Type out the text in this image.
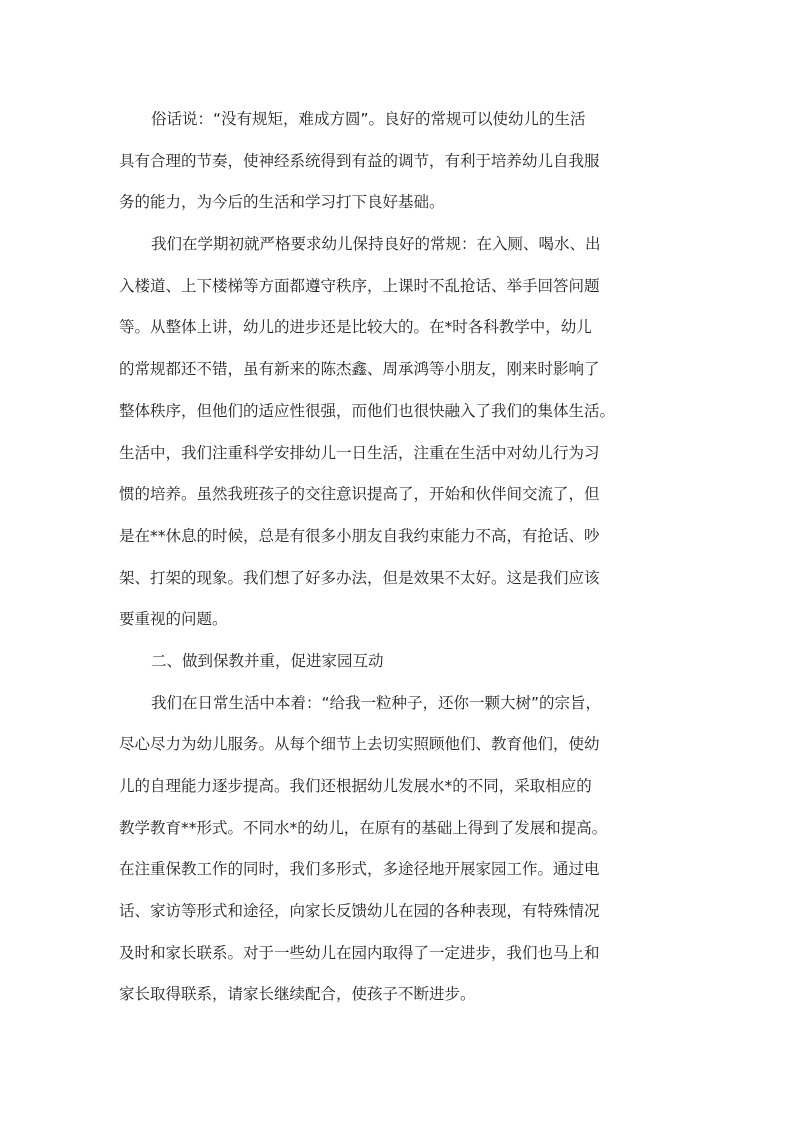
俗话说：“没有规矩，难成方圆”。良好的常规可以使幼儿的生活
具有合理的节奏，使神经系统得到有益的调节，有利于培养幼儿自我服
务的能力，为今后的生活和学习打下良好基础。
我们在学期初就严格要求幼儿保持良好的常规：在入厕、喝水、出
入楼道、上下楼梯等方面都遵守秩序，上课时不乱抢话、举手回答问题
等。从整体上讲，幼儿的进步还是比较大的。在*时各科教学中，幼儿
的常规都还不错，虽有新来的陈杰鑫、周承鸿等小朋友，刚来时影响了
整体秩序，但他们的适应性很强，而他们也很快融入了我们的集体生活。
生活中，我们注重科学安排幼儿一日生活，注重在生活中对幼儿行为习
惯的培养。虽然我班孩子的交往意识提高了，开始和伙伴间交流了，但
是在**休息的时候，总是有很多小朋友自我约束能力不高，有抢话、吵
架、打架的现象。我们想了好多办法，但是效果不太好。这是我们应该
要重视的问题。
二、做到保教并重，促进家园互动
我们在日常生活中本着：“给我一粒种子，还你一颗大树”的宗旨，
尽心尽力为幼儿服务。从每个细节上去切实照顾他们、教育他们，使幼
儿的自理能力逐步提高。我们还根据幼儿发展水*的不同，采取相应的
教学教育**形式。不同水*的幼儿，在原有的基础上得到了发展和提高。
在注重保教工作的同时，我们多形式，多途径地开展家园工作。通过电
话、家访等形式和途径，向家长反馈幼儿在园的各种表现，有特殊情况
及时和家长联系。对于一些幼儿在园内取得了一定进步，我们也马上和
家长取得联系，请家长继续配合，使孩子不断进步。
